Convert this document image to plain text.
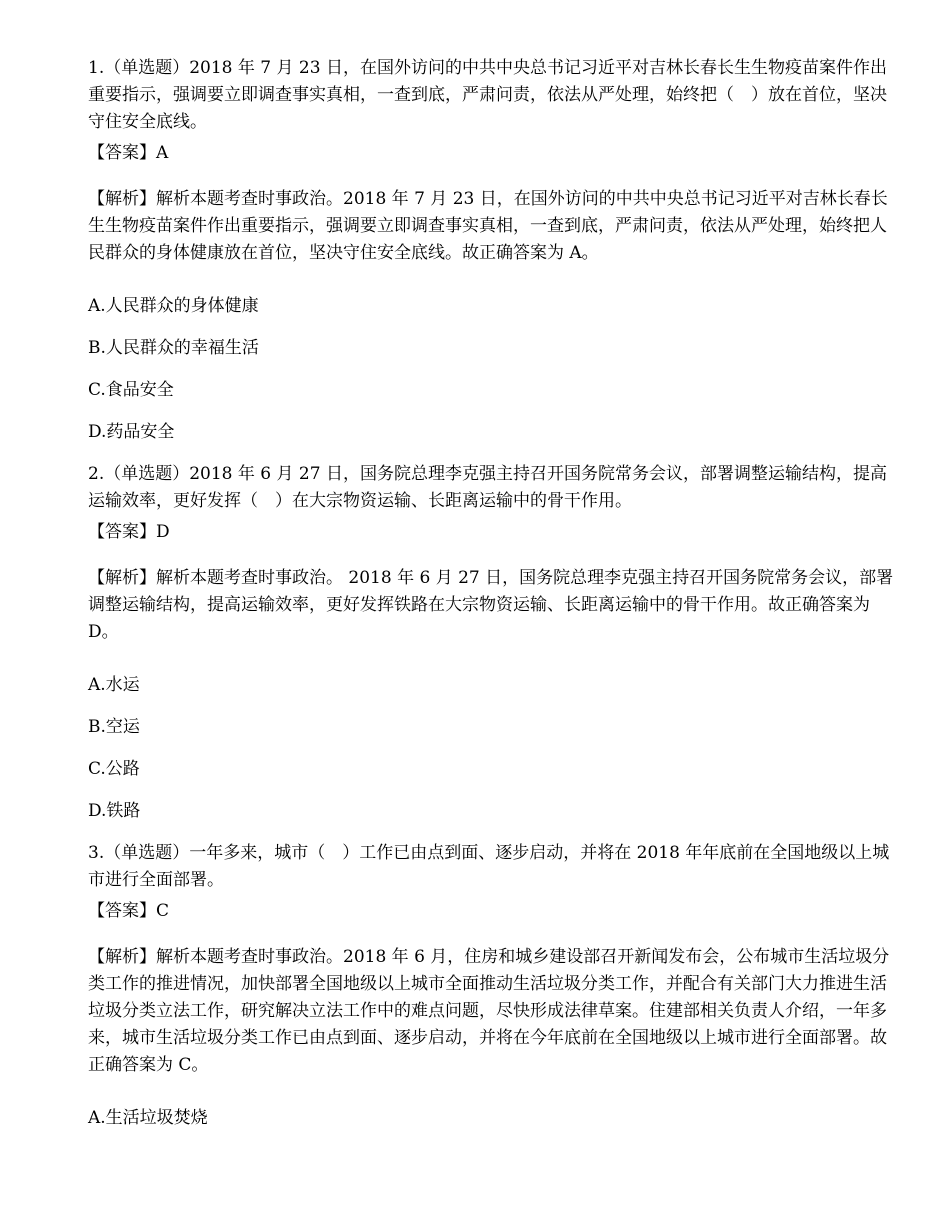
1.（单选题）2018 年 7 月 23 日，在国外访问的中共中央总书记习近平对吉林长春长生生物疫苗案件作出重要指示，强调要立即调查事实真相，一查到底，严肃问责，依法从严处理，始终把（　）放在首位，坚决守住安全底线。

【答案】A

【解析】解析本题考查时事政治。2018 年 7 月 23 日，在国外访问的中共中央总书记习近平对吉林长春长生生物疫苗案件作出重要指示，强调要立即调查事实真相，一查到底，严肃问责，依法从严处理，始终把人民群众的身体健康放在首位，坚决守住安全底线。故正确答案为 A。

A.人民群众的身体健康
B.人民群众的幸福生活
C.食品安全
D.药品安全

2.（单选题）2018 年 6 月 27 日，国务院总理李克强主持召开国务院常务会议，部署调整运输结构，提高运输效率，更好发挥（　）在大宗物资运输、长距离运输中的骨干作用。

【答案】D

【解析】解析本题考查时事政治。 2018 年 6 月 27 日，国务院总理李克强主持召开国务院常务会议，部署调整运输结构，提高运输效率，更好发挥铁路在大宗物资运输、长距离运输中的骨干作用。故正确答案为 D。

A.水运
B.空运
C.公路
D.铁路

3.（单选题）一年多来，城市（　）工作已由点到面、逐步启动，并将在 2018 年年底前在全国地级以上城市进行全面部署。

【答案】C

【解析】解析本题考查时事政治。2018 年 6 月，住房和城乡建设部召开新闻发布会，公布城市生活垃圾分类工作的推进情况，加快部署全国地级以上城市全面推动生活垃圾分类工作，并配合有关部门大力推进生活垃圾分类立法工作，研究解决立法工作中的难点问题，尽快形成法律草案。住建部相关负责人介绍，一年多来，城市生活垃圾分类工作已由点到面、逐步启动，并将在今年底前在全国地级以上城市进行全面部署。故正确答案为 C。

A.生活垃圾焚烧
